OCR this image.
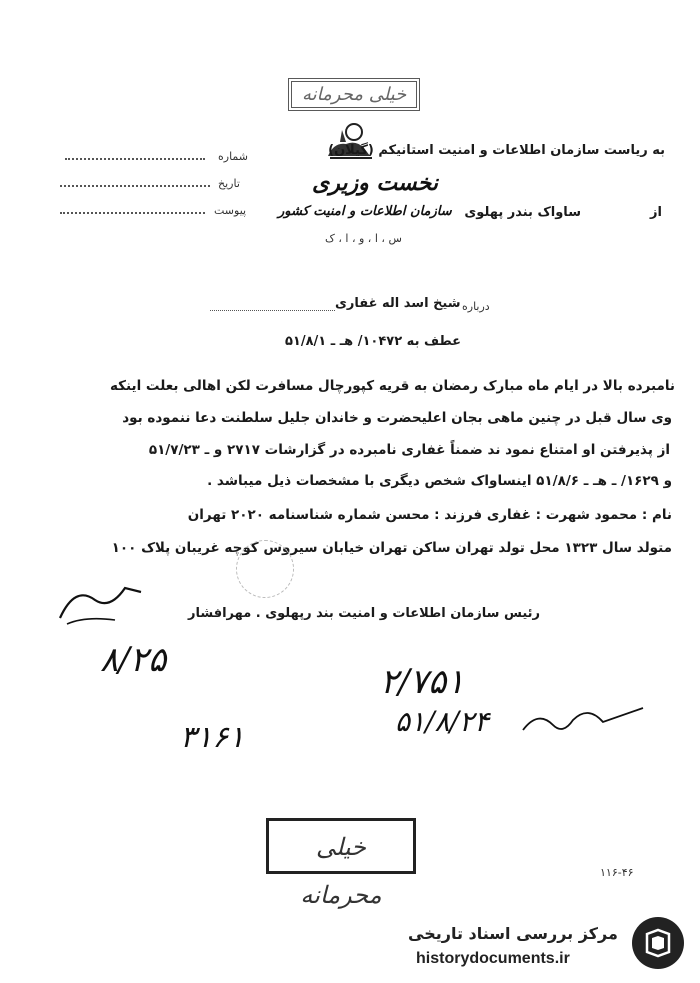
خیلی محرمانه
به ریاست سازمان اطلاعات و امنیت استانیکم (گیلان)
نخست وزیری
سازمان اطلاعات و امنیت کشور	از  ساواک بندر پهلوی
س ، ا ، و ، ا ، ک
شماره
تاریخ
پیوست
درباره
شیخ اسد اله غفاری
عطف به ۱۰۴۷۲/ هـ ـ ۵۱/۸/۱
نامبرده بالا در ایام ماه مبارک رمضان به قریه کپورچال مسافرت لکن اهالی بعلت اینکه
وی سال قبل در چنین ماهی بجان اعلیحضرت و خاندان جلیل سلطنت دعا ننموده بود
از پذیرفتن او امتناع نمود ند ضمناً غفاری نامبرده در گزارشات ۲۷۱۷ و ـ ۵۱/۷/۲۳
و ۱۶۲۹/ ـ هـ ـ ۵۱/۸/۶ اینساواک شخص دیگری با مشخصات ذیل میباشد .
نام : محمود شهرت : غفاری فرزند : محسن شماره شناسنامه ۲۰۲۰ تهران
متولد سال ۱۳۲۳ محل تولد تهران ساکن تهران خیابان سیروس کوچه غریبان پلاک ۱۰۰
رئیس سازمان اطلاعات و امنیت بند رپهلوی . مهرافشار
۸/۲۵
۲/۷۵۱
۵۱/۸/۲۴
۳۱۶۱
خیلی محرمانه
۱۱۶-۴۶
مرکز بررسی اسناد تاریخی
historydocuments.ir
